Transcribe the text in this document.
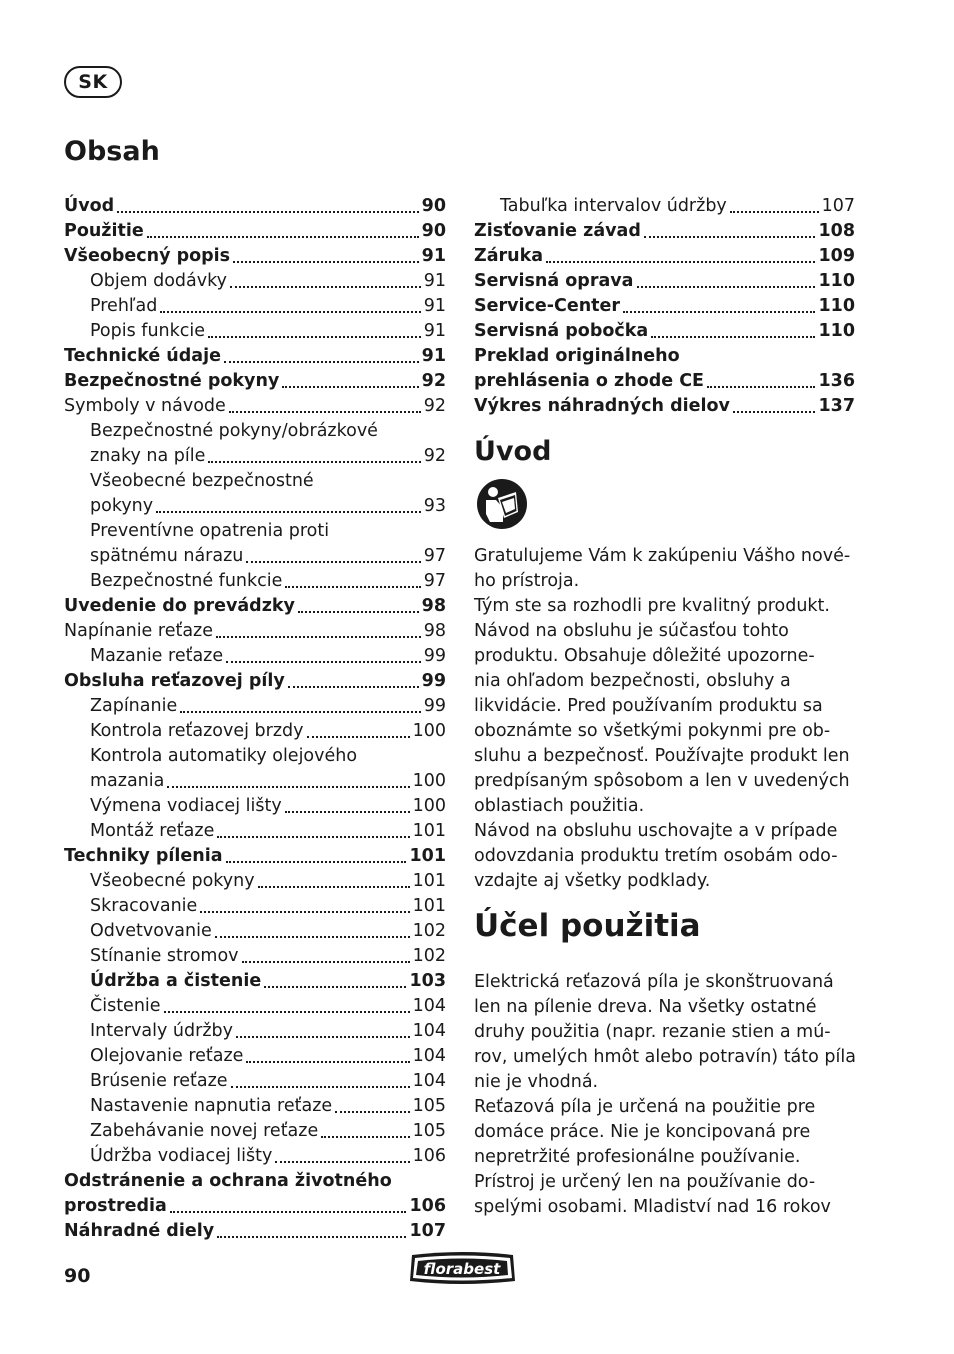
SK
Obsah
Úvod	90
Použitie	90
Všeobecný popis	91
Objem dodávky	91
Prehľad	91
Popis funkcie	91
Technické údaje	91
Bezpečnostné pokyny	92
Symboly v návode	92
Bezpečnostné pokyny/obrázkové
znaky na píle	92
Všeobecné bezpečnostné
pokyny	93
Preventívne opatrenia proti
spätnému nárazu	97
Bezpečnostné funkcie	97
Uvedenie do prevádzky	98
Napínanie reťaze	98
Mazanie reťaze	99
Obsluha reťazovej píly	99
Zapínanie	99
Kontrola reťazovej brzdy	100
Kontrola automatiky olejového
mazania	100
Výmena vodiacej lišty	100
Montáž reťaze	101
Techniky pílenia	101
Všeobecné pokyny	101
Skracovanie	101
Odvetvovanie	102
Stínanie stromov	102
Údržba a čistenie	103
Čistenie	104
Intervaly údržby	104
Olejovanie reťaze	104
Brúsenie reťaze	104
Nastavenie napnutia reťaze	105
Zabehávanie novej reťaze	105
Údržba vodiacej lišty	106
Odstránenie a ochrana životného
prostredia	106
Náhradné diely	107
Tabuľka intervalov údržby	107
Zisťovanie závad	108
Záruka	109
Servisná oprava	110
Service-Center	110
Servisná pobočka	110
Preklad originálneho
prehlásenia o zhode CE	136
Výkres náhradných dielov	137
Úvod

Gratulujeme Vám k zakúpeniu Vášho nové-

ho prístroja.

Tým ste sa rozhodli pre kvalitný produkt.

Návod na obsluhu je súčasťou tohto

produktu. Obsahuje dôležité upozorne-

nia ohľadom bezpečnosti, obsluhy a

likvidácie. Pred používaním produktu sa

oboznámte so všetkými pokynmi pre ob-

sluhu a bezpečnosť. Používajte produkt len

predpísaným spôsobom a len v uvedených

oblastiach použitia.

Návod na obsluhu uschovajte a v prípade

odovzdania produktu tretím osobám odo-

vzdajte aj všetky podklady.

Účel použitia

Elektrická reťazová píla je skonštruovaná

len na pílenie dreva. Na všetky ostatné

druhy použitia (napr. rezanie stien a mú-

rov, umelých hmôt alebo potravín) táto píla

nie je vhodná.

Reťazová píla je určená na použitie pre

domáce práce. Nie je koncipovaná pre

nepretržité profesionálne používanie.

Prístroj je určený len na používanie do-

spelými osobami. Mladiství nad 16 rokov

90	florabest
